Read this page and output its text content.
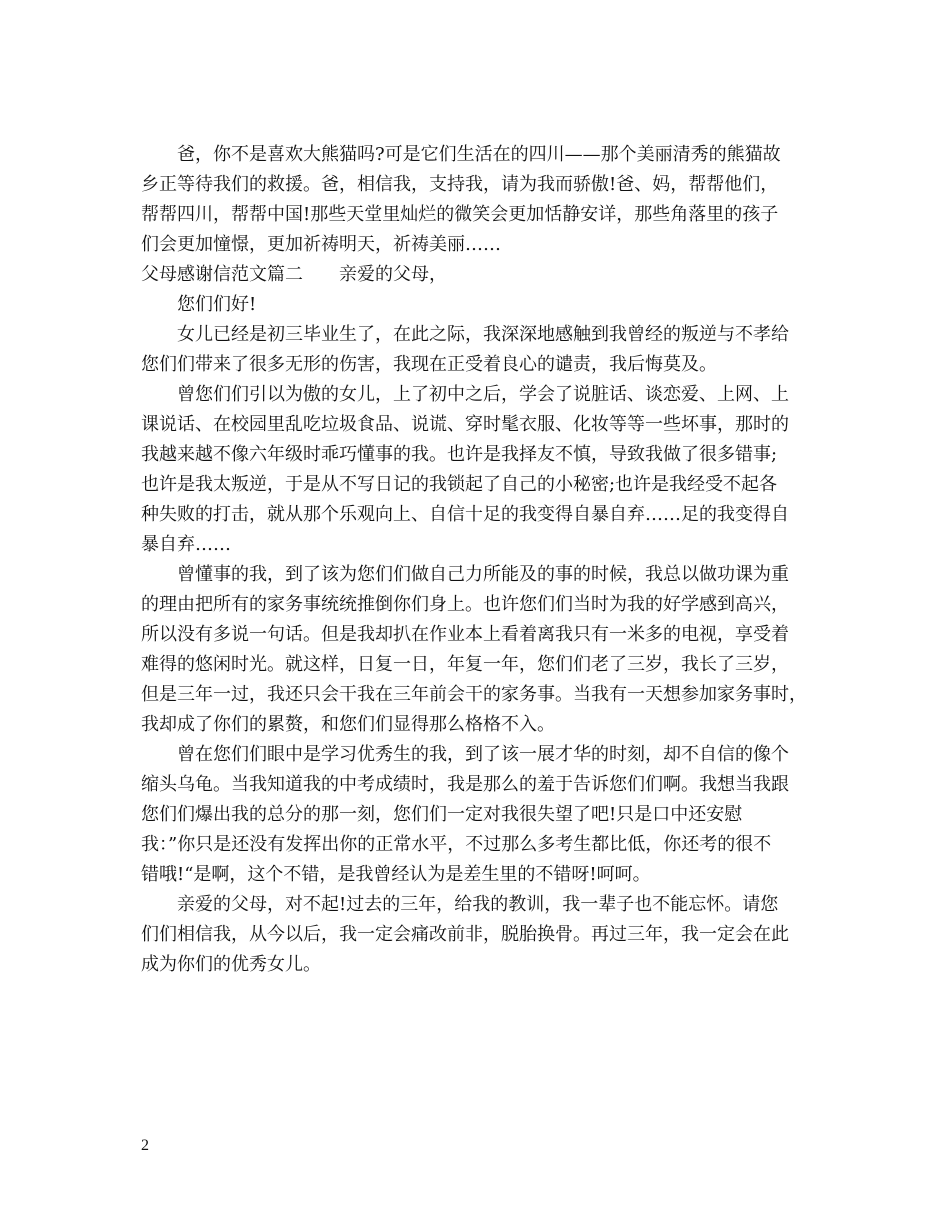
　　爸，你不是喜欢大熊猫吗?可是它们生活在的四川——那个美丽清秀的熊猫故
乡正等待我们的救援。爸，相信我，支持我，请为我而骄傲!爸、妈，帮帮他们，
帮帮四川，帮帮中国!那些天堂里灿烂的微笑会更加恬静安详，那些角落里的孩子
们会更加憧憬，更加祈祷明天，祈祷美丽……
父母感谢信范文篇二　　亲爱的父母，
　　您们们好!
　　女儿已经是初三毕业生了，在此之际，我深深地感触到我曾经的叛逆与不孝给
您们们带来了很多无形的伤害，我现在正受着良心的谴责，我后悔莫及。
　　曾您们们引以为傲的女儿，上了初中之后，学会了说脏话、谈恋爱、上网、上
课说话、在校园里乱吃垃圾食品、说谎、穿时髦衣服、化妆等等一些坏事，那时的
我越来越不像六年级时乖巧懂事的我。也许是我择友不慎，导致我做了很多错事;
也许是我太叛逆，于是从不写日记的我锁起了自己的小秘密;也许是我经受不起各
种失败的打击，就从那个乐观向上、自信十足的我变得自暴自弃……足的我变得自
暴自弃……
　　曾懂事的我，到了该为您们们做自己力所能及的事的时候，我总以做功课为重
的理由把所有的家务事统统推倒你们身上。也许您们们当时为我的好学感到高兴，
所以没有多说一句话。但是我却扒在作业本上看着离我只有一米多的电视，享受着
难得的悠闲时光。就这样，日复一日，年复一年，您们们老了三岁，我长了三岁，
但是三年一过，我还只会干我在三年前会干的家务事。当我有一天想参加家务事时，
我却成了你们的累赘，和您们们显得那么格格不入。
　　曾在您们们眼中是学习优秀生的我，到了该一展才华的时刻，却不自信的像个
缩头乌龟。当我知道我的中考成绩时，我是那么的羞于告诉您们们啊。我想当我跟
您们们爆出我的总分的那一刻，您们们一定对我很失望了吧!只是口中还安慰
我：”你只是还没有发挥出你的正常水平，不过那么多考生都比低，你还考的很不
错哦!“是啊，这个不错，是我曾经认为是差生里的不错呀!呵呵。
　　亲爱的父母，对不起!过去的三年，给我的教训，我一辈子也不能忘怀。请您
们们相信我，从今以后，我一定会痛改前非，脱胎换骨。再过三年，我一定会在此
成为你们的优秀女儿。
2
